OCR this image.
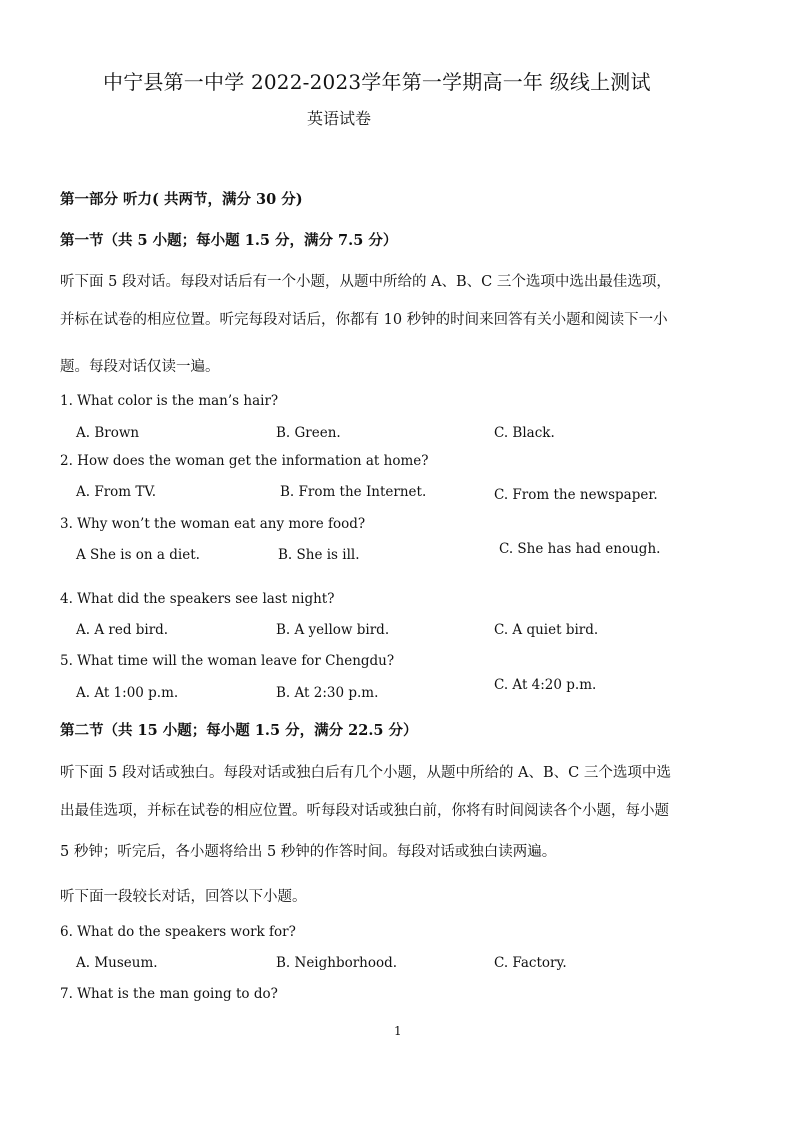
中宁县第一中学 2022-2023学年第一学期高一年 级线上测试
英语试卷
第一部分 听力( 共两节，满分 30 分)
第一节（共 5 小题；每小题 1.5 分，满分 7.5 分）
听下面 5 段对话。每段对话后有一个小题，从题中所给的 A、B、C 三个选项中选出最佳选项，
并标在试卷的相应位置。听完每段对话后，你都有 10 秒钟的时间来回答有关小题和阅读下一小
题。每段对话仅读一遍。
1. What color is the man’s hair?
A. Brown	B. Green.	C. Black.
2. How does the woman get the information at home?
A. From TV.	B. From the Internet.	C. From the newspaper.
3. Why won’t the woman eat any more food?
A She is on a diet.	B. She is ill.	C. She has had enough.
4. What did the speakers see last night?
A. A red bird.	B. A yellow bird.	C. A quiet bird.
5. What time will the woman leave for Chengdu?
A. At 1:00 p.m.	B. At 2:30 p.m.	C. At 4:20 p.m.
第二节（共 15 小题；每小题 1.5 分，满分 22.5 分）
听下面 5 段对话或独白。每段对话或独白后有几个小题，从题中所给的 A、B、C 三个选项中选
出最佳选项，并标在试卷的相应位置。听每段对话或独白前，你将有时间阅读各个小题，每小题
5 秒钟；听完后，各小题将给出 5 秒钟的作答时间。每段对话或独白读两遍。
听下面一段较长对话，回答以下小题。
6. What do the speakers work for?
A. Museum.	B. Neighborhood.	C. Factory.
7. What is the man going to do?
1
